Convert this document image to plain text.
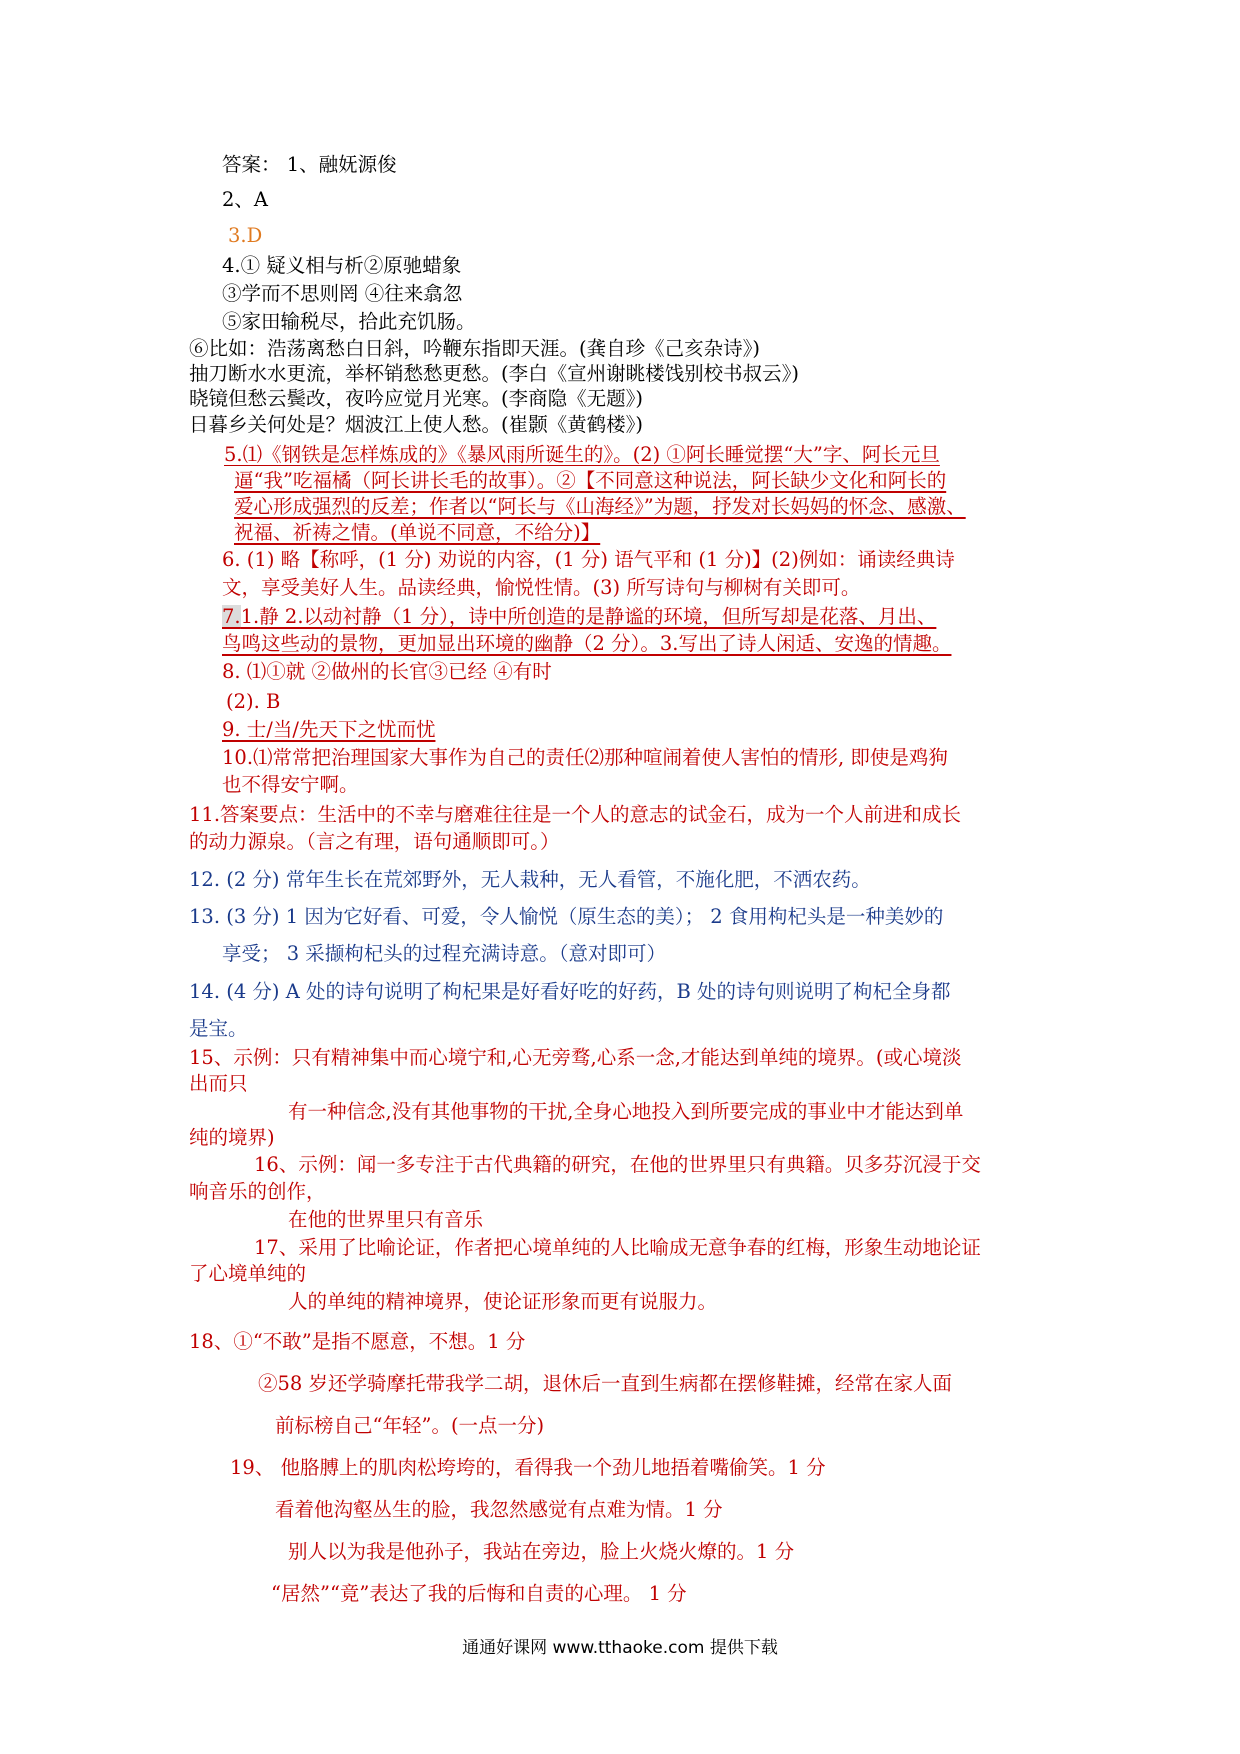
答案： 1、融妩源俊
2、A
3.D
4.① 疑义相与析②原驰蜡象
③学而不思则罔 ④往来翕忽
⑤家田输税尽，拾此充饥肠。
⑥比如：浩荡离愁白日斜，吟鞭东指即天涯。(龚自珍《己亥杂诗》)
抽刀断水水更流，举杯销愁愁更愁。(李白《宣州谢眺楼饯别校书叔云》)
晓镜但愁云鬓改，夜吟应觉月光寒。(李商隐《无题》)
日暮乡关何处是？烟波江上使人愁。(崔颢《黄鹤楼》)
5.⑴《钢铁是怎样炼成的》《暴风雨所诞生的》。(2) ①阿长睡觉摆“大”字、阿长元旦
逼“我”吃福橘（阿长讲长毛的故事）。②【不同意这种说法，阿长缺少文化和阿长的
爱心形成强烈的反差；作者以“阿长与《山海经》”为题，抒发对长妈妈的怀念、感激、
祝福、祈祷之情。(单说不同意，不给分)】
6. (1) 略【称呼，(1 分) 劝说的内容，(1 分) 语气平和 (1 分)】(2)例如：诵读经典诗
文，享受美好人生。品读经典，愉悦性情。(3) 所写诗句与柳树有关即可。
7.1.静 2.以动衬静（1 分），诗中所创造的是静谧的环境，但所写却是花落、月出、
鸟鸣这些动的景物，更加显出环境的幽静（2 分）。3.写出了诗人闲适、安逸的情趣。
8. ⑴①就 ②做州的长官③已经 ④有时
(2). B
9. 士/当/先天下之忧而忧
10.⑴常常把治理国家大事作为自己的责任⑵那种喧闹着使人害怕的情形, 即使是鸡狗
也不得安宁啊。
11.答案要点：生活中的不幸与磨难往往是一个人的意志的试金石，成为一个人前进和成长
的动力源泉。（言之有理，语句通顺即可。）
12. (2 分) 常年生长在荒郊野外，无人栽种，无人看管，不施化肥，不洒农药。
13. (3 分) 1 因为它好看、可爱，令人愉悦（原生态的美）； 2 食用枸杞头是一种美妙的
享受； 3 采撷枸杞头的过程充满诗意。（意对即可）
14. (4 分) A 处的诗句说明了枸杞果是好看好吃的好药，B 处的诗句则说明了枸杞全身都
是宝。
15、示例：只有精神集中而心境宁和,心无旁骛,心系一念,才能达到单纯的境界。(或心境淡
出而只
有一种信念,没有其他事物的干扰,全身心地投入到所要完成的事业中才能达到单
纯的境界)
16、示例：闻一多专注于古代典籍的研究，在他的世界里只有典籍。贝多芬沉浸于交
响音乐的创作，
在他的世界里只有音乐
17、采用了比喻论证，作者把心境单纯的人比喻成无意争春的红梅，形象生动地论证
了心境单纯的
人的单纯的精神境界，使论证形象而更有说服力。
18、①“不敢”是指不愿意，不想。1 分
②58 岁还学骑摩托带我学二胡，退休后一直到生病都在摆修鞋摊，经常在家人面
前标榜自己“年轻”。(一点一分)
19、 他胳膊上的肌肉松垮垮的，看得我一个劲儿地捂着嘴偷笑。1 分
看着他沟壑丛生的脸，我忽然感觉有点难为情。1 分
别人以为我是他孙子，我站在旁边，脸上火烧火燎的。1 分
“居然”“竟”表达了我的后悔和自责的心理。 1 分
通通好课网 www.tthaoke.com 提供下载
